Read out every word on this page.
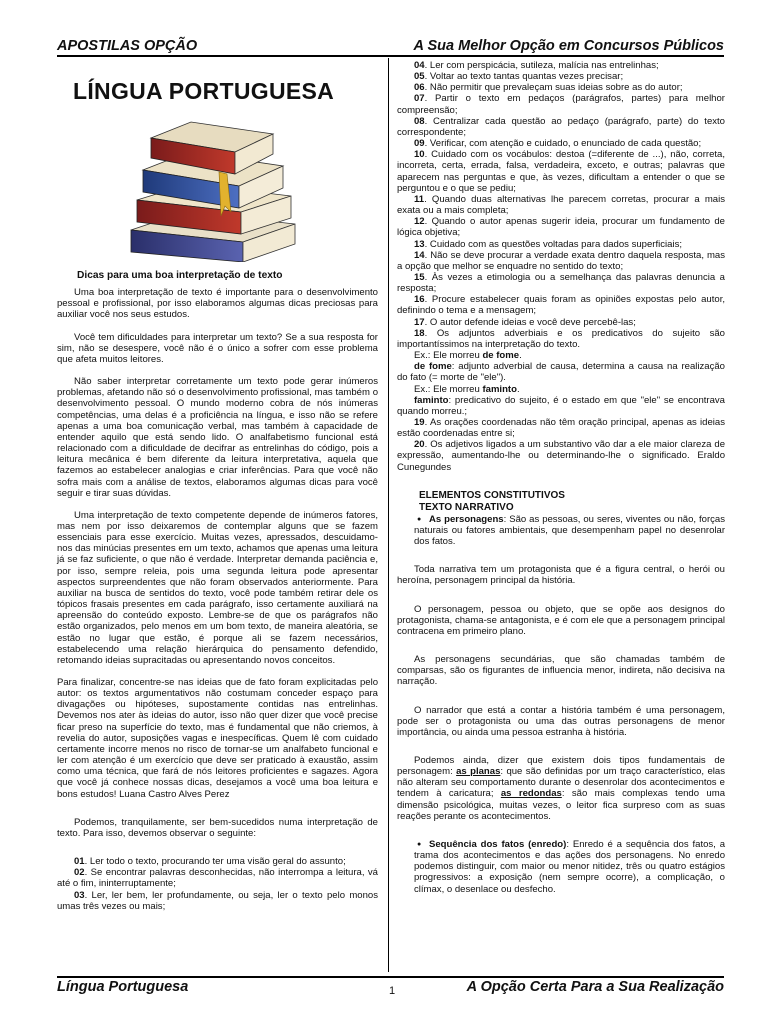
APOSTILAS OPÇÃO	A Sua Melhor Opção em Concursos Públicos
LÍNGUA PORTUGUESA
Dicas para uma boa interpretação de texto

Uma boa interpretação de texto é importante para o desenvolvimento pessoal e profissional, por isso elaboramos algumas dicas preciosas para auxiliar você nos seus estudos.

Você tem dificuldades para interpretar um texto? Se a sua resposta for sim, não se desespere, você não é o único a sofrer com esse problema que afeta muitos leitores.

Não saber interpretar corretamente um texto pode gerar inúmeros problemas, afetando não só o desenvolvimento profissional, mas também o desenvolvimento pessoal. O mundo moderno cobra de nós inúmeras competências, uma delas é a proficiência na língua, e isso não se refere apenas a uma boa comunicação verbal, mas também à capacidade de entender aquilo que está sendo lido. O analfabetismo funcional está relacionado com a dificuldade de decifrar as entrelinhas do código, pois a leitura mecânica é bem diferente da leitura interpretativa, aquela que fazemos ao estabelecer analogias e criar inferências. Para que você não sofra mais com a análise de textos, elaboramos algumas dicas para você seguir e tirar suas dúvidas.

Uma interpretação de texto competente depende de inúmeros fatores, mas nem por isso deixaremos de contemplar alguns que se fazem essenciais para esse exercício. Muitas vezes, apressados, descuidamo-nos das minúcias presentes em um texto, achamos que apenas uma leitura já se faz suficiente, o que não é verdade. Interpretar demanda paciência e, por isso, sempre releia, pois uma segunda leitura pode apresentar aspectos surpreendentes que não foram observados anteriormente. Para auxiliar na busca de sentidos do texto, você pode também retirar dele os tópicos frasais presentes em cada parágrafo, isso certamente auxiliará na apreensão do conteúdo exposto. Lembre-se de que os parágrafos não estão organizados, pelo menos em um bom texto, de maneira aleatória, se estão no lugar que estão, é porque ali se fazem necessários, estabelecendo uma relação hierárquica do pensamento defendido, retomando ideias supracitadas ou apresentando novos conceitos.

Para finalizar, concentre-se nas ideias que de fato foram explicitadas pelo autor: os textos argumentativos não costumam conceder espaço para divagações ou hipóteses, supostamente contidas nas entrelinhas. Devemos nos ater às ideias do autor, isso não quer dizer que você precise ficar preso na superfície do texto, mas é fundamental que não criemos, à revelia do autor, suposições vagas e inespecíficas. Quem lê com cuidado certamente incorre menos no risco de tornar-se um analfabeto funcional e ler com atenção é um exercício que deve ser praticado à exaustão, assim como uma técnica, que fará de nós leitores proficientes e sagazes. Agora que você já conhece nossas dicas, desejamos a você uma boa leitura e bons estudos! Luana Castro Alves Perez

Podemos, tranquilamente, ser bem-sucedidos numa interpretação de texto. Para isso, devemos observar o seguinte:

01. Ler todo o texto, procurando ter uma visão geral do assunto;

02. Se encontrar palavras desconhecidas, não interrompa a leitura, vá até o fim, ininterruptamente;

03. Ler, ler bem, ler profundamente, ou seja, ler o texto pelo monos umas três vezes ou mais;

04. Ler com perspicácia, sutileza, malícia nas entrelinhas;

05. Voltar ao texto tantas quantas vezes precisar;

06. Não permitir que prevaleçam suas ideias sobre as do autor;

07. Partir o texto em pedaços (parágrafos, partes) para melhor compreensão;

08. Centralizar cada questão ao pedaço (parágrafo, parte) do texto correspondente;

09. Verificar, com atenção e cuidado, o enunciado de cada questão;

10. Cuidado com os vocábulos: destoa (=diferente de ...), não, correta, incorreta, certa, errada, falsa, verdadeira, exceto, e outras; palavras que aparecem nas perguntas e que, às vezes, dificultam a entender o que se perguntou e o que se pediu;

11. Quando duas alternativas lhe parecem corretas, procurar a mais exata ou a mais completa;

12. Quando o autor apenas sugerir ideia, procurar um fundamento de lógica objetiva;

13. Cuidado com as questões voltadas para dados superficiais;

14. Não se deve procurar a verdade exata dentro daquela resposta, mas a opção que melhor se enquadre no sentido do texto;

15. Às vezes a etimologia ou a semelhança das palavras denuncia a resposta;

16. Procure estabelecer quais foram as opiniões expostas pelo autor, definindo o tema e a mensagem;

17. O autor defende ideias e você deve percebê-las;

18. Os adjuntos adverbiais e os predicativos do sujeito são importantíssimos na interpretação do texto.

Ex.: Ele morreu de fome.

de fome: adjunto adverbial de causa, determina a causa na realização do fato (= morte de "ele").

Ex.: Ele morreu faminto.

faminto: predicativo do sujeito, é o estado em que "ele" se encontrava quando morreu.;

19. As orações coordenadas não têm oração principal, apenas as ideias estão coordenadas entre si;

20. Os adjetivos ligados a um substantivo vão dar a ele maior clareza de expressão, aumentando-lhe ou determinando-lhe o significado. Eraldo Cunegundes

ELEMENTOS CONSTITUTIVOS
TEXTO NARRATIVO

● As personagens: São as pessoas, ou seres, viventes ou não, forças naturais ou fatores ambientais, que desempenham papel no desenrolar dos fatos.

Toda narrativa tem um protagonista que é a figura central, o herói ou heroína, personagem principal da história.

O personagem, pessoa ou objeto, que se opõe aos designos do protagonista, chama-se antagonista, e é com ele que a personagem principal contracena em primeiro plano.

As personagens secundárias, que são chamadas também de comparsas, são os figurantes de influencia menor, indireta, não decisiva na narração.

O narrador que está a contar a história também é uma personagem, pode ser o protagonista ou uma das outras personagens de menor importância, ou ainda uma pessoa estranha à história.

Podemos ainda, dizer que existem dois tipos fundamentais de personagem: as planas: que são definidas por um traço característico, elas não alteram seu comportamento durante o desenrolar dos acontecimentos e tendem à caricatura; as redondas: são mais complexas tendo uma dimensão psicológica, muitas vezes, o leitor fica surpreso com as suas reações perante os acontecimentos.

● Sequência dos fatos (enredo): Enredo é a sequência dos fatos, a trama dos acontecimentos e das ações dos personagens. No enredo podemos distinguir, com maior ou menor nitidez, três ou quatro estágios progressivos: a exposição (nem sempre ocorre), a complicação, o clímax, o desenlace ou desfecho.

Língua Portuguesa	1	A Opção Certa Para a Sua Realização
